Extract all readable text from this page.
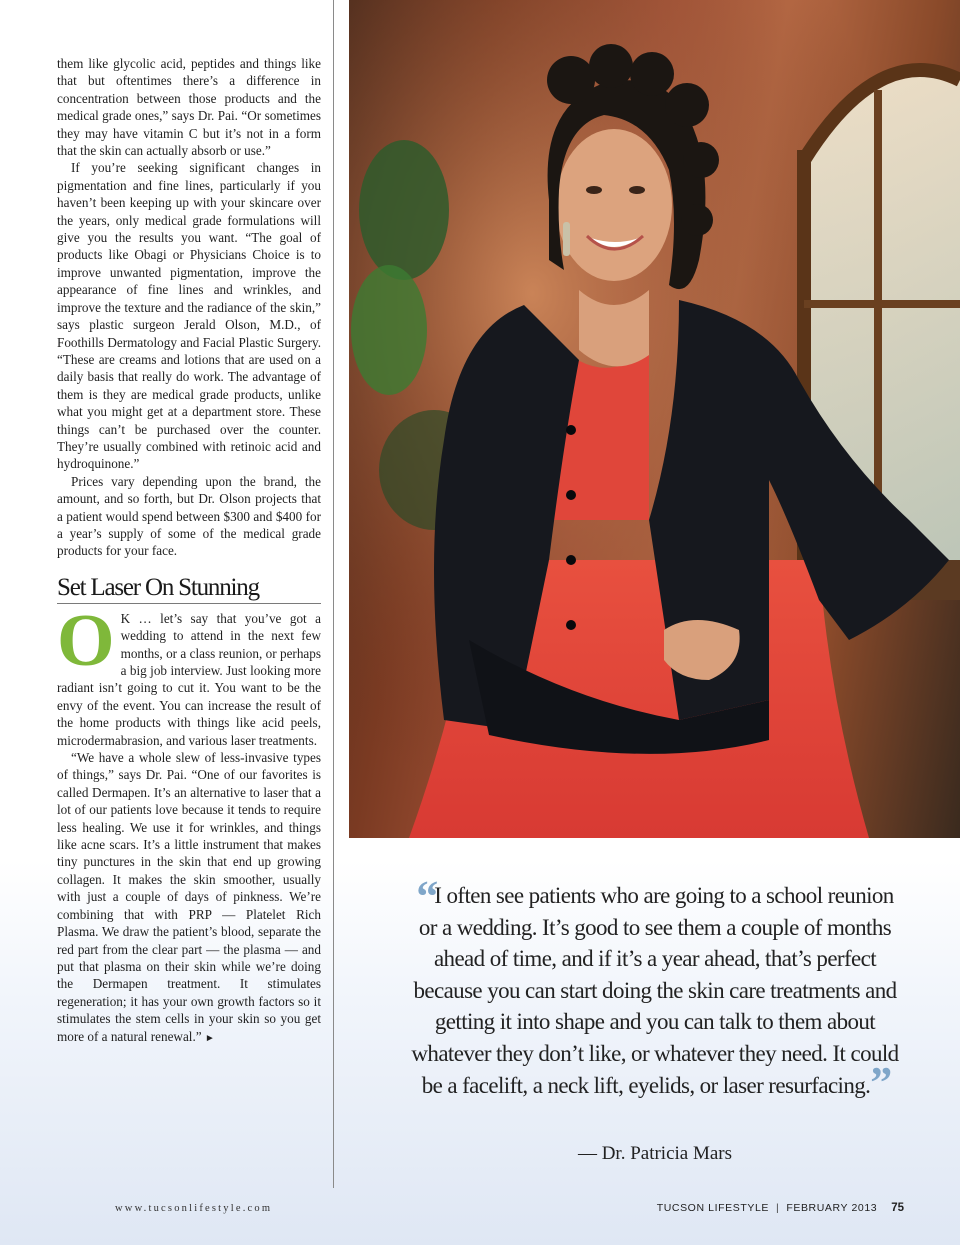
them like glycolic acid, peptides and things like that but oftentimes there’s a difference in concentration between those products and the medical grade ones,” says Dr. Pai. “Or sometimes they may have vitamin C but it’s not in a form that the skin can actually absorb or use.”

If you’re seeking significant changes in pigmentation and fine lines, particularly if you haven’t been keeping up with your skincare over the years, only medical grade formulations will give you the results you want. “The goal of products like Obagi or Physicians Choice is to improve unwanted pigmentation, improve the appearance of fine lines and wrinkles, and improve the texture and the radiance of the skin,” says plastic surgeon Jerald Olson, M.D., of Foothills Dermatology and Facial Plastic Surgery. “These are creams and lotions that are used on a daily basis that really do work. The advantage of them is they are medical grade products, unlike what you might get at a department store. These things can’t be purchased over the counter. They’re usually combined with retinoic acid and hydroquinone.”

Prices vary depending upon the brand, the amount, and so forth, but Dr. Olson projects that a patient would spend between $300 and $400 for a year’s supply of some of the medical grade products for your face.

Set Laser On Stunning

O K … let’s say that you’ve got a wedding to attend in the next few months, or a class reunion, or perhaps a big job interview. Just looking more radiant isn’t going to cut it. You want to be the envy of the event. You can increase the result of the home products with things like acid peels, microdermabrasion, and various laser treatments.

“We have a whole slew of less-invasive types of things,” says Dr. Pai. “One of our favorites is called Dermapen. It’s an alternative to laser that a lot of our patients love because it tends to require less healing. We use it for wrinkles, and things like acne scars. It’s a little instrument that makes tiny punctures in the skin that end up growing collagen. It makes the skin smoother, usually with just a couple of days of pinkness. We’re combining that with PRP — Platelet Rich Plasma. We draw the patient’s blood, separate the red part from the clear part — the plasma — and put that plasma on their skin while we’re doing the Dermapen treatment. It stimulates regeneration; it has your own growth factors so it stimulates the stem cells in your skin so you get more of a natural renewal.” ►

“I often see patients who are going to a school reunion or a wedding. It’s good to see them a couple of months ahead of time, and if it’s a year ahead, that’s perfect because you can start doing the skin care treatments and getting it into shape and you can talk to them about whatever they don’t like, or whatever they need. It could be a facelift, a neck lift, eyelids, or laser resurfacing.”
— Dr. Patricia Mars
www.tucsonlifestyle.com	TUCSON LIFESTYLE | FEBRUARY 2013 75
